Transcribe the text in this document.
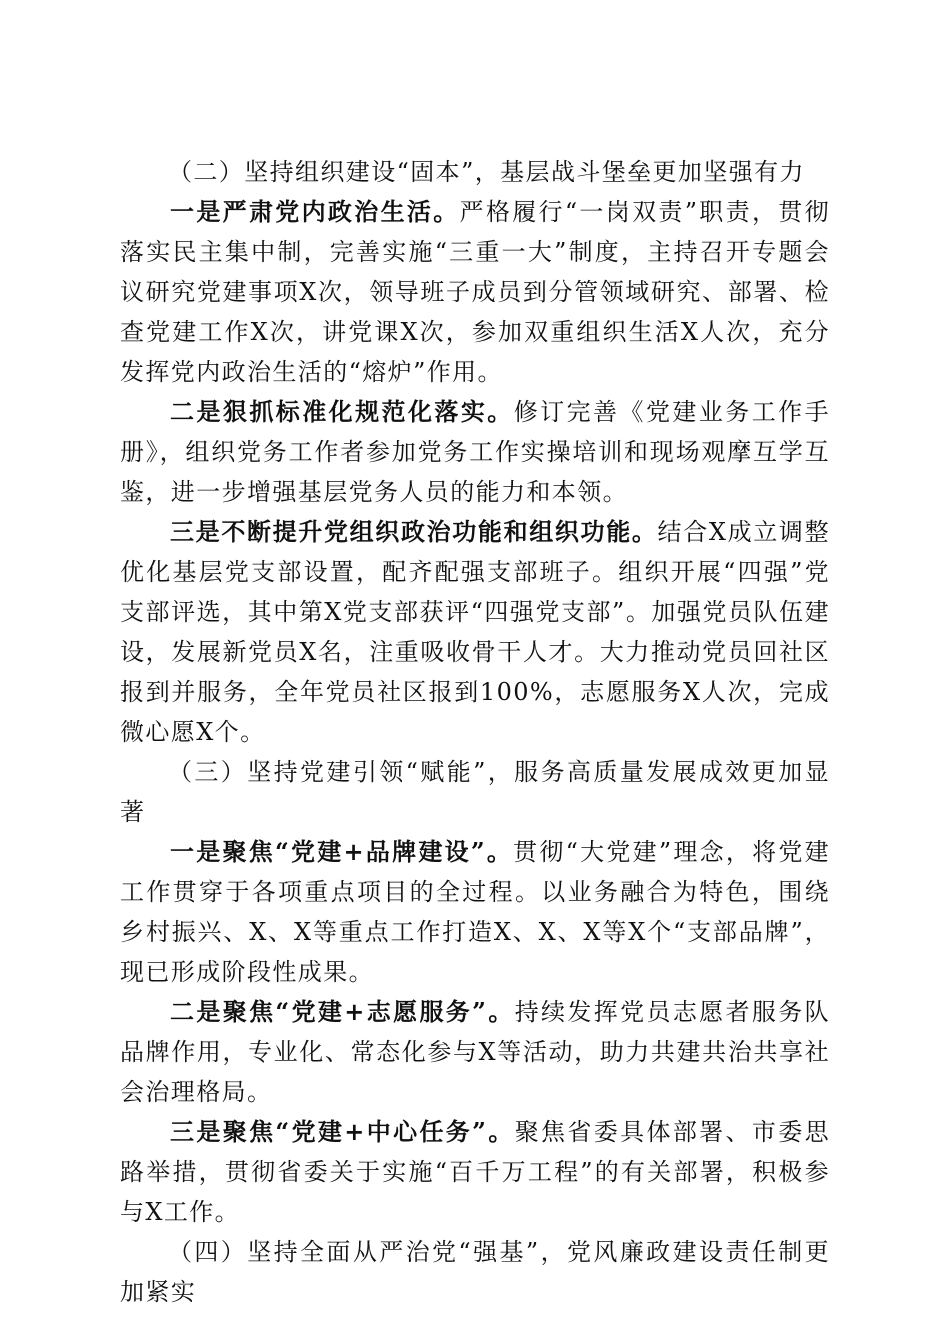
（二）坚持组织建设“固本”，基层战斗堡垒更加坚强有力

一是严肃党内政治生活。严格履行“一岗双责”职责，贯彻落实民主集中制，完善实施“三重一大”制度，主持召开专题会议研究党建事项X次，领导班子成员到分管领域研究、部署、检查党建工作X次，讲党课X次，参加双重组织生活X人次，充分发挥党内政治生活的“熔炉”作用。

二是狠抓标准化规范化落实。修订完善《党建业务工作手册》，组织党务工作者参加党务工作实操培训和现场观摩互学互鉴，进一步增强基层党务人员的能力和本领。

三是不断提升党组织政治功能和组织功能。结合X成立调整优化基层党支部设置，配齐配强支部班子。组织开展“四强”党支部评选，其中第X党支部获评“四强党支部”。加强党员队伍建设，发展新党员X名，注重吸收骨干人才。大力推动党员回社区报到并服务，全年党员社区报到100%，志愿服务X人次，完成微心愿X个。

（三）坚持党建引领“赋能”，服务高质量发展成效更加显著

一是聚焦“党建+品牌建设”。贯彻“大党建”理念，将党建工作贯穿于各项重点项目的全过程。以业务融合为特色，围绕乡村振兴、X、X等重点工作打造X、X、X等X个“支部品牌”，现已形成阶段性成果。

二是聚焦“党建+志愿服务”。持续发挥党员志愿者服务队品牌作用，专业化、常态化参与X等活动，助力共建共治共享社会治理格局。

三是聚焦“党建+中心任务”。聚焦省委具体部署、市委思路举措，贯彻省委关于实施“百千万工程”的有关部署，积极参与X工作。

（四）坚持全面从严治党“强基”，党风廉政建设责任制更加紧实
